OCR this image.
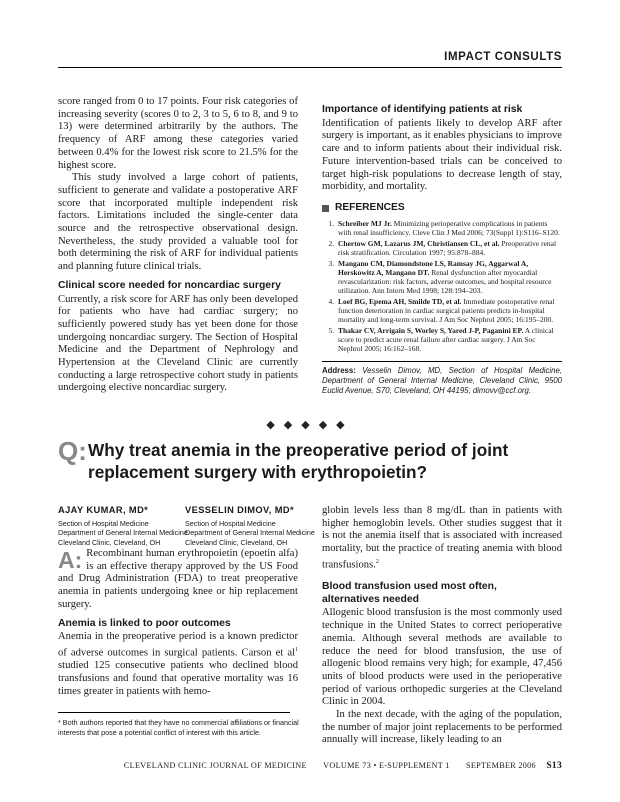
IMPACT CONSULTS

score ranged from 0 to 17 points. Four risk categories of increasing severity (scores 0 to 2, 3 to 5, 6 to 8, and 9 to 13) were determined arbitrarily by the authors. The frequency of ARF among these categories varied between 0.4% for the lowest risk score to 21.5% for the highest score.

This study involved a large cohort of patients, sufficient to generate and validate a postoperative ARF score that incorporated multiple independent risk factors. Limitations included the single-center data source and the retrospective observational design. Nevertheless, the study provided a valuable tool for both determining the risk of ARF for individual patients and planning future clinical trials.

Clinical score needed for noncardiac surgery

Currently, a risk score for ARF has only been developed for patients who have had cardiac surgery; no sufficiently powered study has yet been done for those undergoing noncardiac surgery. The Section of Hospital Medicine and the Department of Nephrology and Hypertension at the Cleveland Clinic are currently conducting a large retrospective cohort study in patients undergoing elective noncardiac surgery.

Importance of identifying patients at risk

Identification of patients likely to develop ARF after surgery is important, as it enables physicians to improve care and to inform patients about their individual risk. Future intervention-based trials can be conceived to target high-risk populations to decrease length of stay, morbidity, and mortality.

REFERENCES
1. Schreiber MJ Jr. Minimizing perioperative complications in patients with renal insufficiency. Cleve Clin J Med 2006; 73(Suppl 1):S116–S120.
2. Chertow GM, Lazarus JM, Christiansen CL, et al. Preoperative renal risk stratification. Circulation 1997; 95:878–884.
3. Mangano CM, Diamondstone LS, Ramsay JG, Aggarwal A, Herskowitz A, Mangano DT. Renal dysfunction after myocardial revascularization: risk factors, adverse outcomes, and hospital resource utilization. Ann Intern Med 1998; 128:194–203.
4. Loef BG, Epema AH, Smilde TD, et al. Immediate postoperative renal function deterioration in cardiac surgical patients predicts in-hospital mortality and long-term survival. J Am Soc Nephrol 2005; 16:195–200.
5. Thakar CV, Arrigain S, Worley S, Yared J-P, Paganini EP. A clinical score to predict acute renal failure after cardiac surgery. J Am Soc Nephrol 2005; 16:162–168.
Address: Vesselin Dimov, MD, Section of Hospital Medicine, Department of General Internal Medicine, Cleveland Clinic, 9500 Euclid Avenue, S70, Cleveland, OH 44195; dimovv@ccf.org.
◆◆◆◆◆
Q: Why treat anemia in the preoperative period of joint replacement surgery with erythropoietin?
AJAY KUMAR, MD*
Section of Hospital Medicine
Department of General Internal Medicine
Cleveland Clinic, Cleveland, OH
VESSELIN DIMOV, MD*
Section of Hospital Medicine
Department of General Internal Medicine
Cleveland Clinic, Cleveland, OH

A: Recombinant human erythropoietin (epoetin alfa) is an effective therapy approved by the US Food and Drug Administration (FDA) to treat preoperative anemia in patients undergoing knee or hip replacement surgery.

Anemia is linked to poor outcomes

Anemia in the preoperative period is a known predictor of adverse outcomes in surgical patients. Carson et $al^1$ studied 125 consecutive patients who declined blood transfusions and found that operative mortality was 16 times greater in patients with hemo-

globin levels less than 8 mg/dL than in patients with higher hemoglobin levels. Other studies suggest that it is not the anemia itself that is associated with increased mortality, but the practice of treating anemia with blood transfusions.$^2$

Blood transfusion used most often,
alternatives needed

Allogenic blood transfusion is the most commonly used technique in the United States to correct perioperative anemia. Although several methods are available to reduce the need for blood transfusion, the use of allogenic blood remains very high; for example, 47,456 units of blood products were used in the perioperative period of various orthopedic surgeries at the Cleveland Clinic in 2004.

In the next decade, with the aging of the population, the number of major joint replacements to be performed annually will increase, likely leading to an

* Both authors reported that they have no commercial affiliations or financial interests that pose a potential conflict of interest with this article.
CLEVELAND CLINIC JOURNAL OF MEDICINE VOLUME 73 • E-SUPPLEMENT 1 SEPTEMBER 2006 S13
